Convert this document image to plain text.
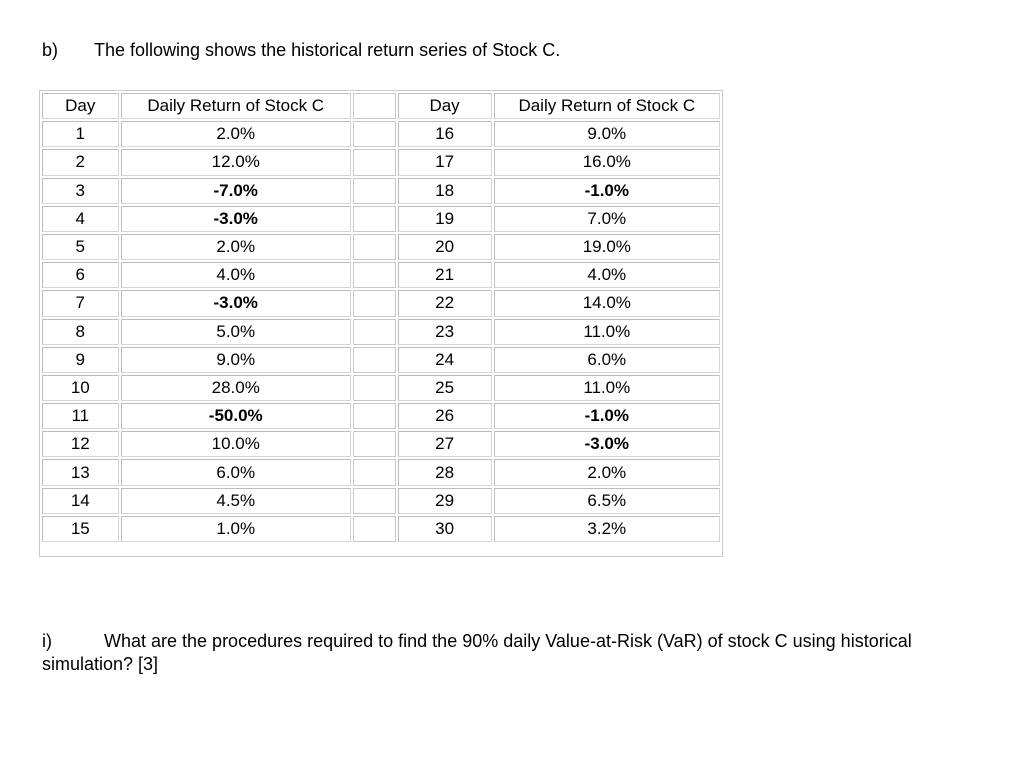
b) The following shows the historical return series of Stock C.
Day	Daily Return of Stock C		Day	Daily Return of Stock C
1	2.0%		16	9.0%
2	12.0%		17	16.0%
3	-7.0%		18	-1.0%
4	-3.0%		19	7.0%
5	2.0%		20	19.0%
6	4.0%		21	4.0%
7	-3.0%		22	14.0%
8	5.0%		23	11.0%
9	9.0%		24	6.0%
10	28.0%		25	11.0%
11	-50.0%		26	-1.0%
12	10.0%		27	-3.0%
13	6.0%		28	2.0%
14	4.5%		29	6.5%
15	1.0%		30	3.2%
i)	What are the procedures required to find the 90% daily Value-at-Risk (VaR) of stock C using historical simulation? [3]
